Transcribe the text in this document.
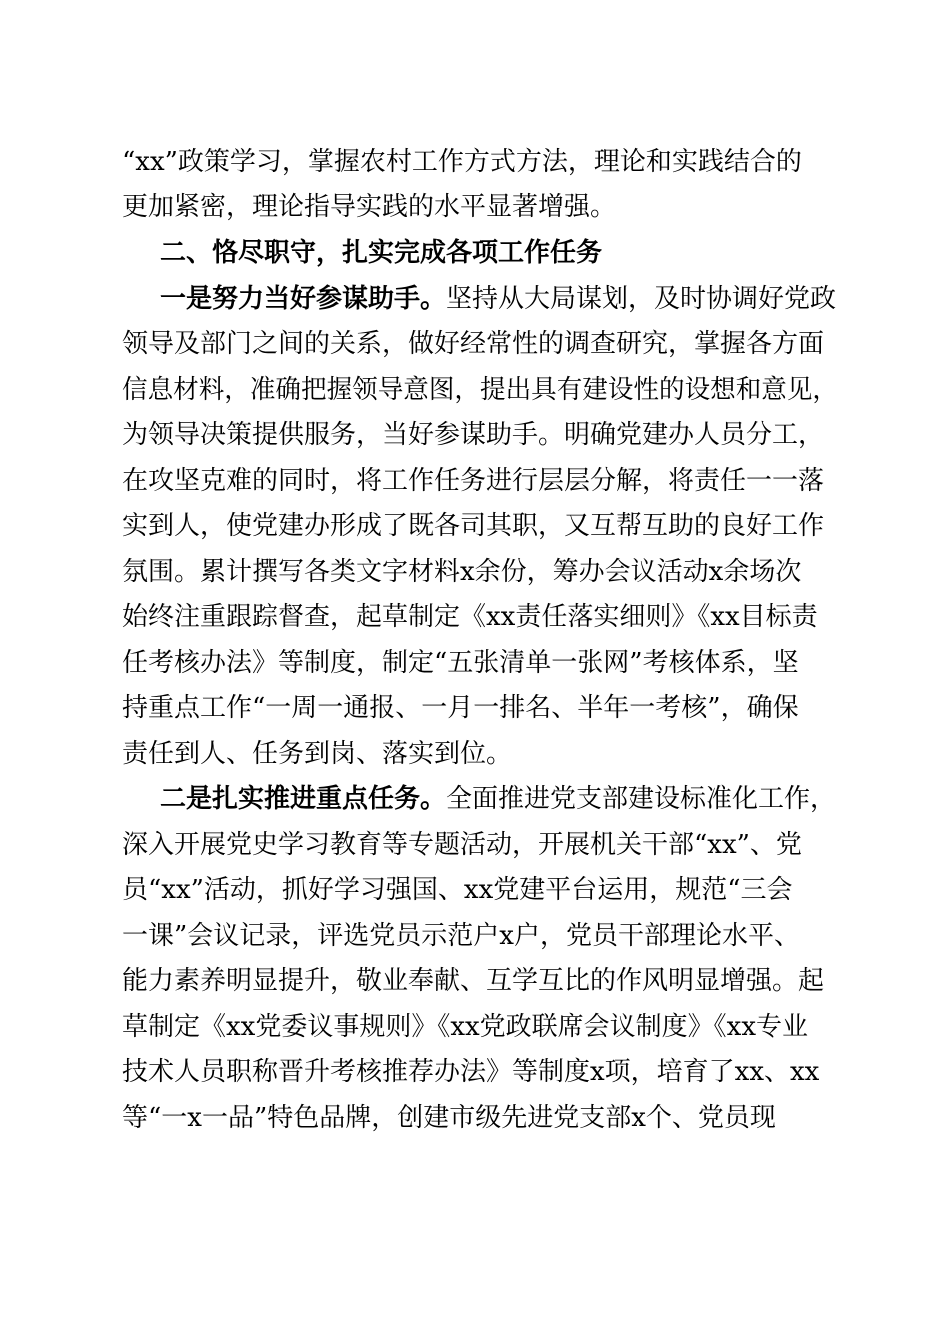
“xx”政策学习，掌握农村工作方式方法，理论和实践结合的
更加紧密，理论指导实践的水平显著增强。
二、恪尽职守，扎实完成各项工作任务
一是努力当好参谋助手。坚持从大局谋划，及时协调好党政
领导及部门之间的关系，做好经常性的调查研究，掌握各方面
信息材料，准确把握领导意图，提出具有建设性的设想和意见，
为领导决策提供服务，当好参谋助手。明确党建办人员分工，
在攻坚克难的同时，将工作任务进行层层分解，将责任一一落
实到人，使党建办形成了既各司其职，又互帮互助的良好工作
氛围。累计撰写各类文字材料x余份，筹办会议活动x余场次
始终注重跟踪督查，起草制定《xx责任落实细则》《xx目标责
任考核办法》等制度，制定“五张清单一张网”考核体系，坚
持重点工作“一周一通报、一月一排名、半年一考核”，确保
责任到人、任务到岗、落实到位。
二是扎实推进重点任务。全面推进党支部建设标准化工作，
深入开展党史学习教育等专题活动，开展机关干部“xx”、党
员“xx”活动，抓好学习强国、xx党建平台运用，规范“三会
一课”会议记录，评选党员示范户x户，党员干部理论水平、
能力素养明显提升，敬业奉献、互学互比的作风明显增强。起
草制定《xx党委议事规则》《xx党政联席会议制度》《xx专业
技术人员职称晋升考核推荐办法》等制度x项，培育了xx、xx
等“一x一品”特色品牌，创建市级先进党支部x个、党员现
